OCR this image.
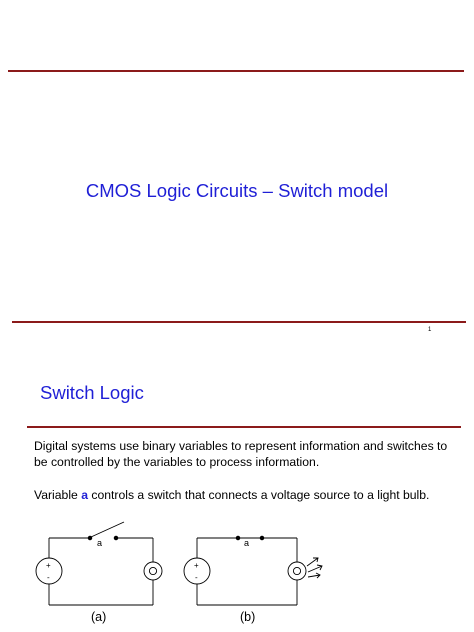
CMOS Logic Circuits – Switch model
1
Switch Logic
Digital systems use binary variables to represent information and switches to be controlled by the variables to process information.
Variable a controls a switch that connects a voltage source to a light bulb.
a
+
-
a
+
-
(a)	(b)
